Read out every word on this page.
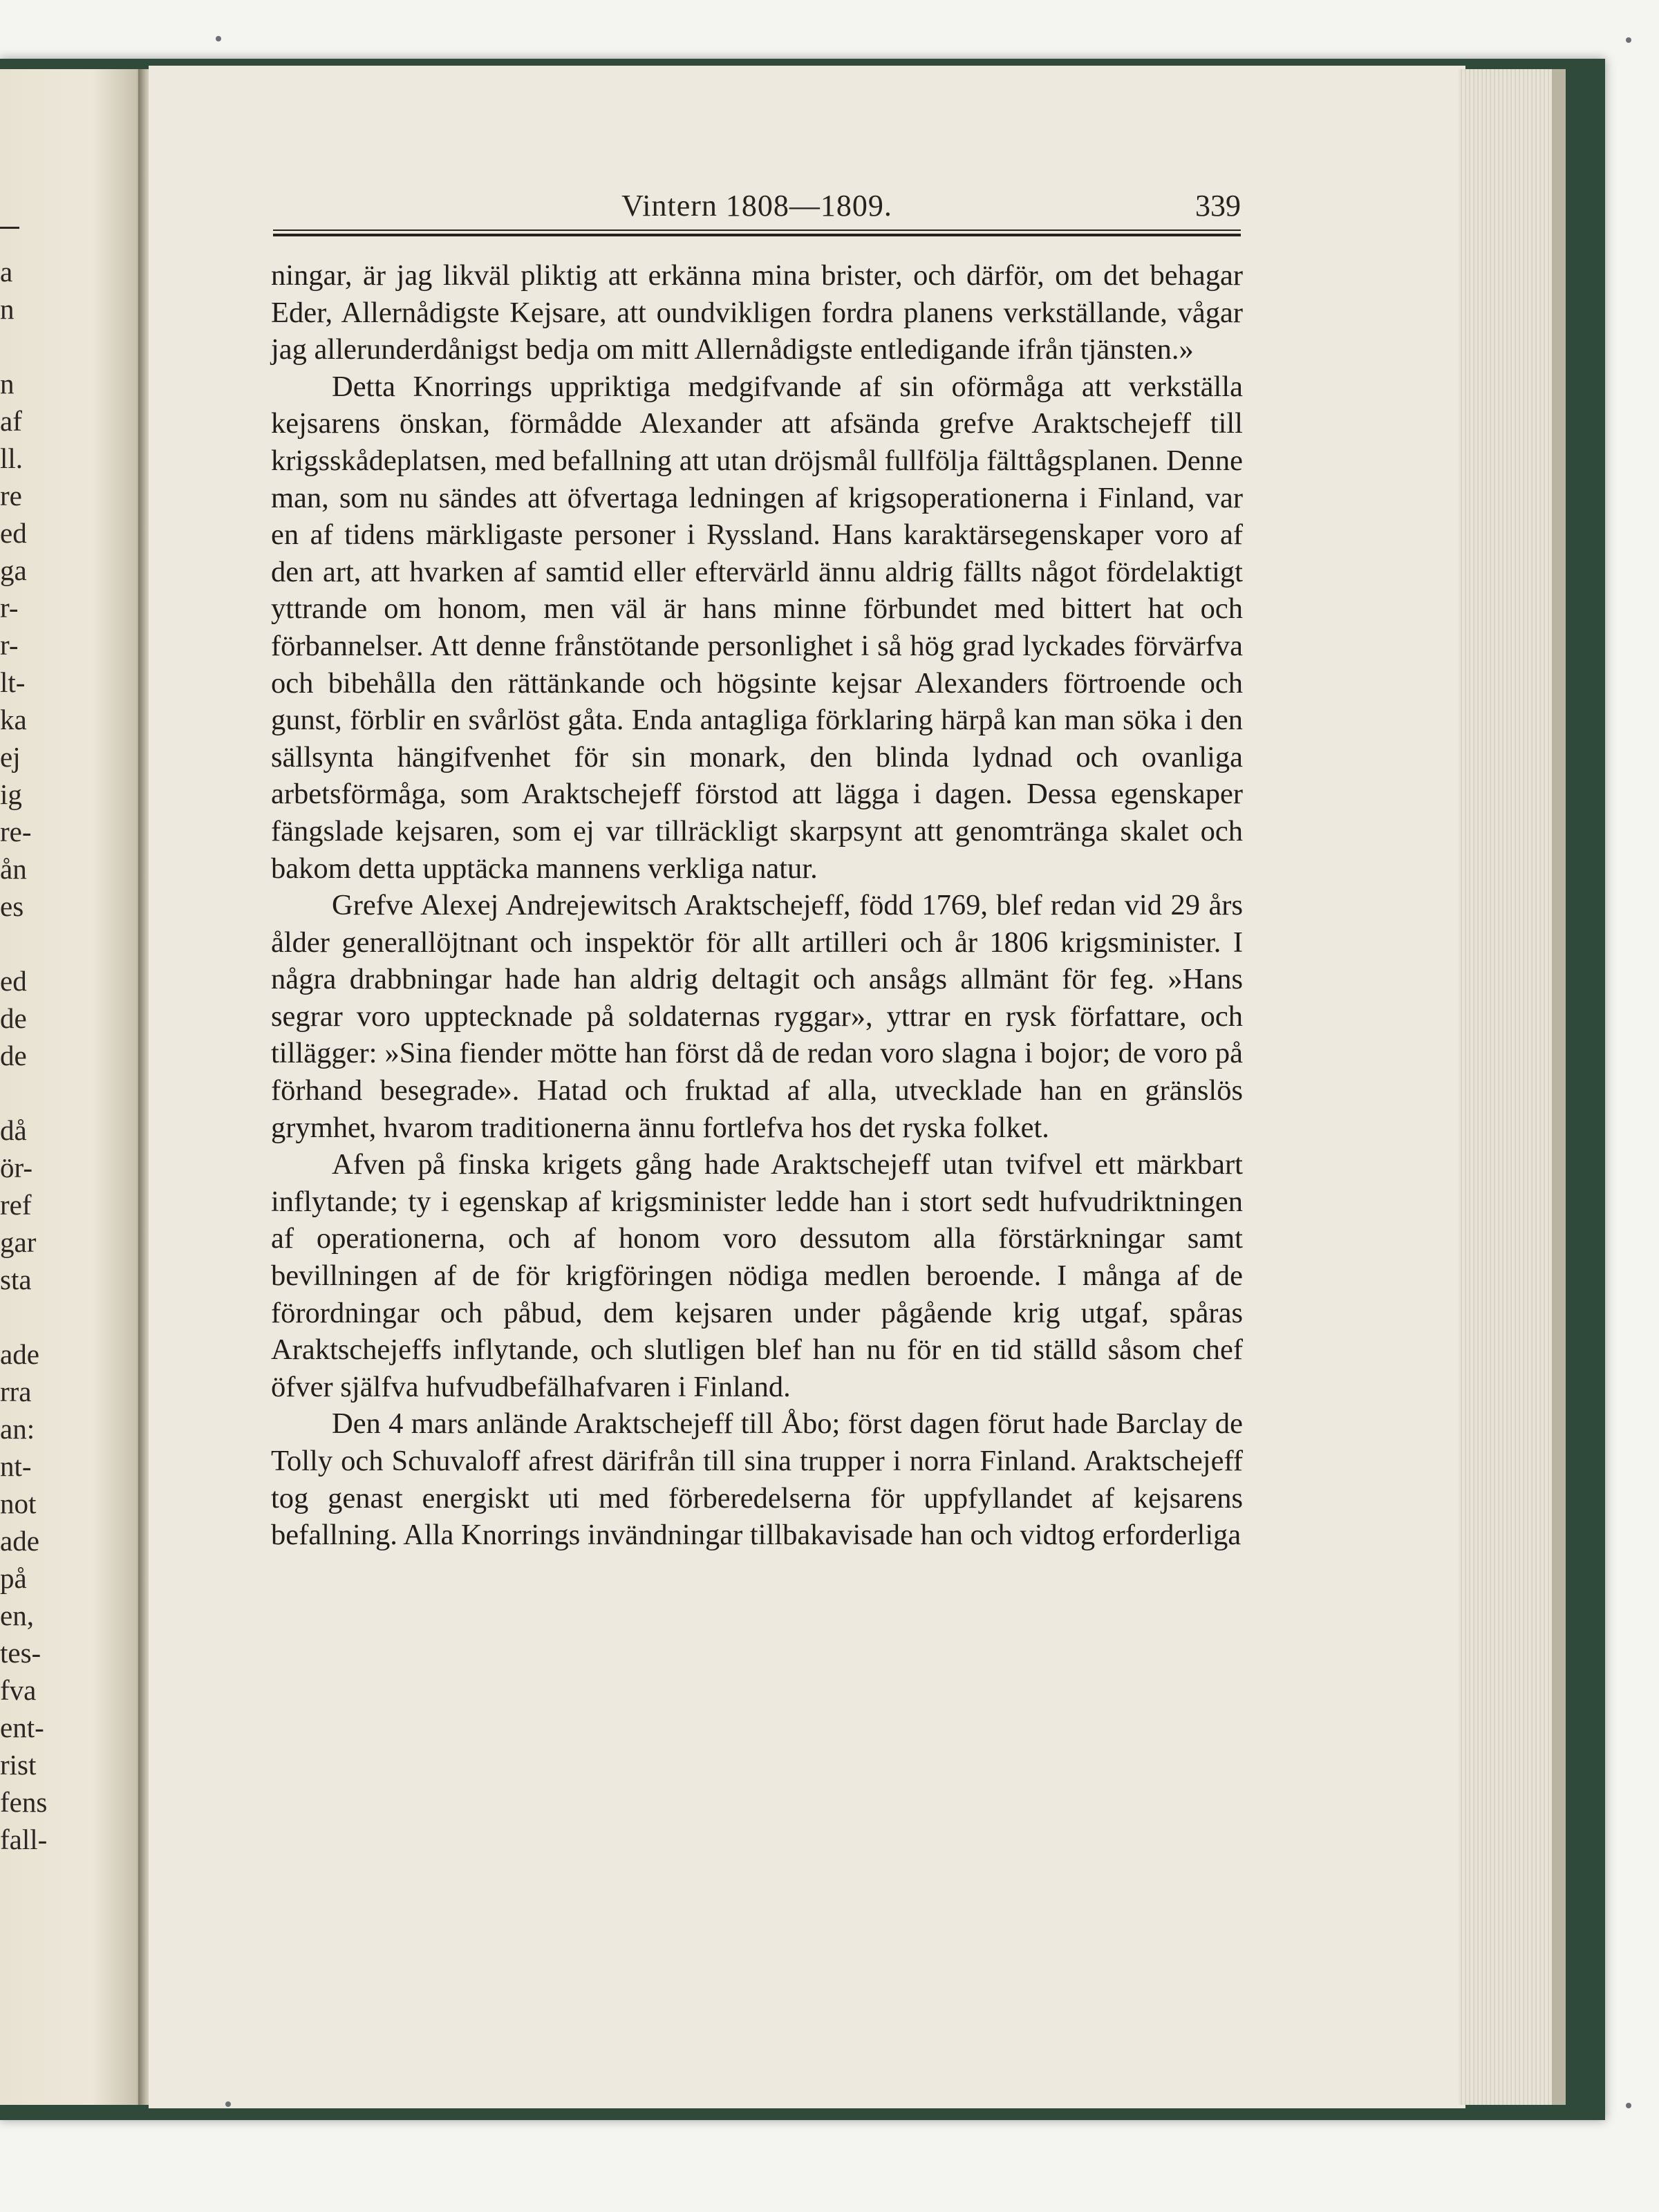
a
n
n
af
ll.
re
ed
ga
r-
r-
lt-
ka
ej
ig
re-
ån
es
ed
de
de
då
ör-
ref
gar
sta
ade
rra
an:
nt-
not
ade
på
en,
tes-
fva
ent-
rist
fens
fall-
Vintern 1808—1809.	339

ningar, är jag likväl pliktig att erkänna mina brister, och därför, om det behagar Eder, Allernådigste Kejsare, att oundvikligen fordra planens verkställande, vågar jag allerunderdånigst bedja om mitt Allernådigste entledigande ifrån tjänsten.»

Detta Knorrings uppriktiga medgifvande af sin oförmåga att verkställa kejsarens önskan, förmådde Alexander att afsända grefve Araktschejeff till krigsskådeplatsen, med befallning att utan dröjsmål fullfölja fälttågsplanen. Denne man, som nu sändes att öfvertaga ledningen af krigsoperationerna i Finland, var en af tidens märkligaste personer i Ryssland. Hans karaktärsegenskaper voro af den art, att hvarken af samtid eller eftervärld ännu aldrig fällts något fördelaktigt yttrande om honom, men väl är hans minne förbundet med bittert hat och förbannelser. Att denne frånstötande personlighet i så hög grad lyckades förvärfva och bibehålla den rättänkande och högsinte kejsar Alexanders förtroende och gunst, förblir en svårlöst gåta. Enda antagliga förklaring härpå kan man söka i den sällsynta hängifvenhet för sin monark, den blinda lydnad och ovanliga arbetsförmåga, som Araktschejeff förstod att lägga i dagen. Dessa egenskaper fängslade kejsaren, som ej var tillräckligt skarpsynt att genomtränga skalet och bakom detta upptäcka mannens verkliga natur.

Grefve Alexej Andrejewitsch Araktschejeff, född 1769, blef redan vid 29 års ålder generallöjtnant och inspektör för allt artilleri och år 1806 krigsminister. I några drabbningar hade han aldrig deltagit och ansågs allmänt för feg. »Hans segrar voro upptecknade på soldaternas ryggar», yttrar en rysk författare, och tillägger: »Sina fiender mötte han först då de redan voro slagna i bojor; de voro på förhand besegrade». Hatad och fruktad af alla, utvecklade han en gränslös grymhet, hvarom traditionerna ännu fortlefva hos det ryska folket.

Afven på finska krigets gång hade Araktschejeff utan tvifvel ett märkbart inflytande; ty i egenskap af krigsminister ledde han i stort sedt hufvudriktningen af operationerna, och af honom voro dessutom alla förstärkningar samt bevillningen af de för krigföringen nödiga medlen beroende. I många af de förordningar och påbud, dem kejsaren under pågående krig utgaf, spåras Araktschejeffs inflytande, och slutligen blef han nu för en tid ställd såsom chef öfver själfva hufvudbefälhafvaren i Finland.

Den 4 mars anlände Araktschejeff till Åbo; först dagen förut hade Barclay de Tolly och Schuvaloff afrest därifrån till sina trupper i norra Finland. Araktschejeff tog genast energiskt uti med förberedelserna för uppfyllandet af kejsarens befallning. Alla Knorrings invändningar tillbakavisade han och vidtog erforderliga
